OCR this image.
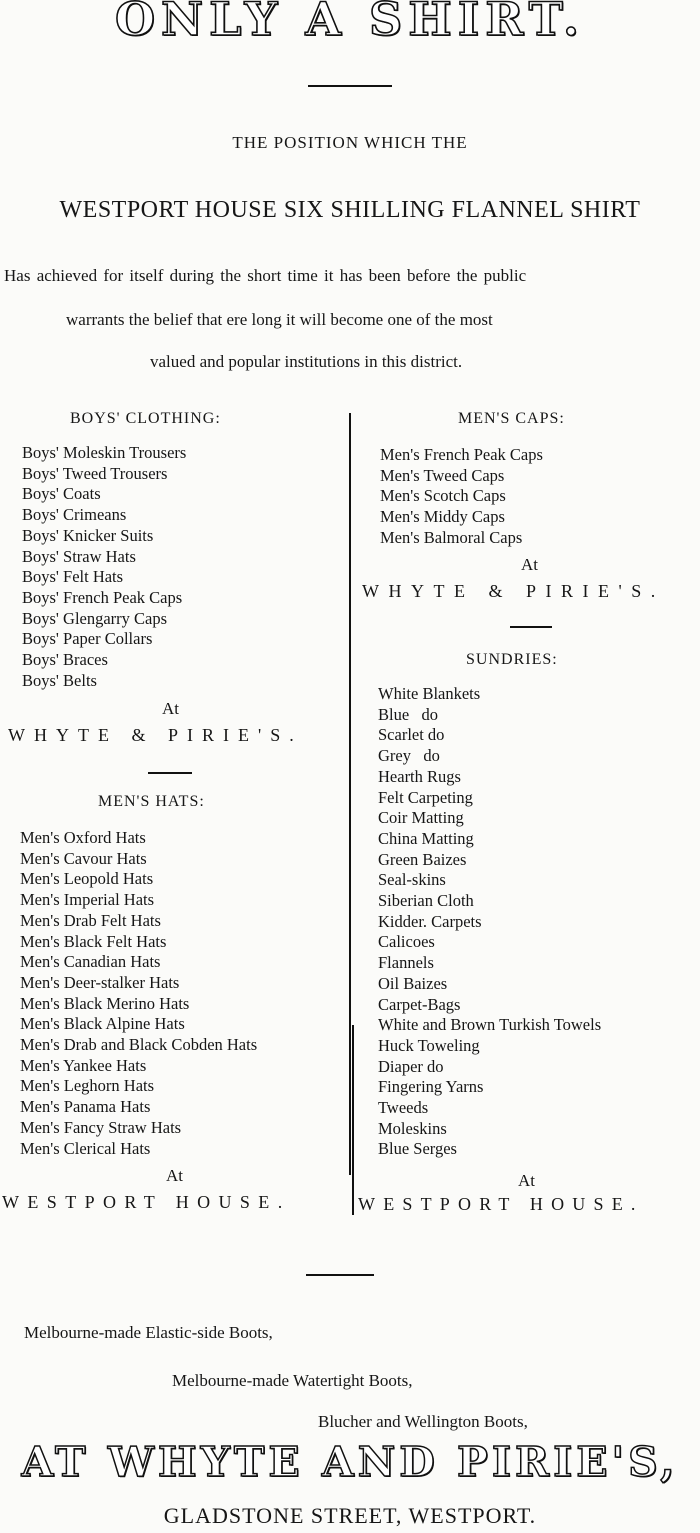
ONLY A SHIRT.
THE POSITION WHICH THE
WESTPORT HOUSE SIX SHILLING FLANNEL SHIRT
Has achieved for itself during the short time it has been before the public
warrants the belief that ere long it will become one of the most
valued and popular institutions in this district.
BOYS' CLOTHING:
Boys' Moleskin Trousers
Boys' Tweed Trousers
Boys' Coats
Boys' Crimeans
Boys' Knicker Suits
Boys' Straw Hats
Boys' Felt Hats
Boys' French Peak Caps
Boys' Glengarry Caps
Boys' Paper Collars
Boys' Braces
Boys' Belts
At
WHYTE & PIRIE'S.
MEN'S HATS:
Men's Oxford Hats
Men's Cavour Hats
Men's Leopold Hats
Men's Imperial Hats
Men's Drab Felt Hats
Men's Black Felt Hats
Men's Canadian Hats
Men's Deer-stalker Hats
Men's Black Merino Hats
Men's Black Alpine Hats
Men's Drab and Black Cobden Hats
Men's Yankee Hats
Men's Leghorn Hats
Men's Panama Hats
Men's Fancy Straw Hats
Men's Clerical Hats
At
WESTPORT HOUSE.
MEN'S CAPS:
Men's French Peak Caps
Men's Tweed Caps
Men's Scotch Caps
Men's Middy Caps
Men's Balmoral Caps
At
WHYTE & PIRIE'S.
SUNDRIES:
White Blankets
Blue   do
Scarlet do
Grey   do
Hearth Rugs
Felt Carpeting
Coir Matting
China Matting
Green Baizes
Seal-skins
Siberian Cloth
Kidder. Carpets
Calicoes
Flannels
Oil Baizes
Carpet-Bags
White and Brown Turkish Towels
Huck Toweling
Diaper do
Fingering Yarns
Tweeds
Moleskins
Blue Serges
At
WESTPORT HOUSE.
Melbourne-made Elastic-side Boots,
Melbourne-made Watertight Boots,
Blucher and Wellington Boots,
AT WHYTE AND PIRIE'S,
GLADSTONE STREET, WESTPORT.
